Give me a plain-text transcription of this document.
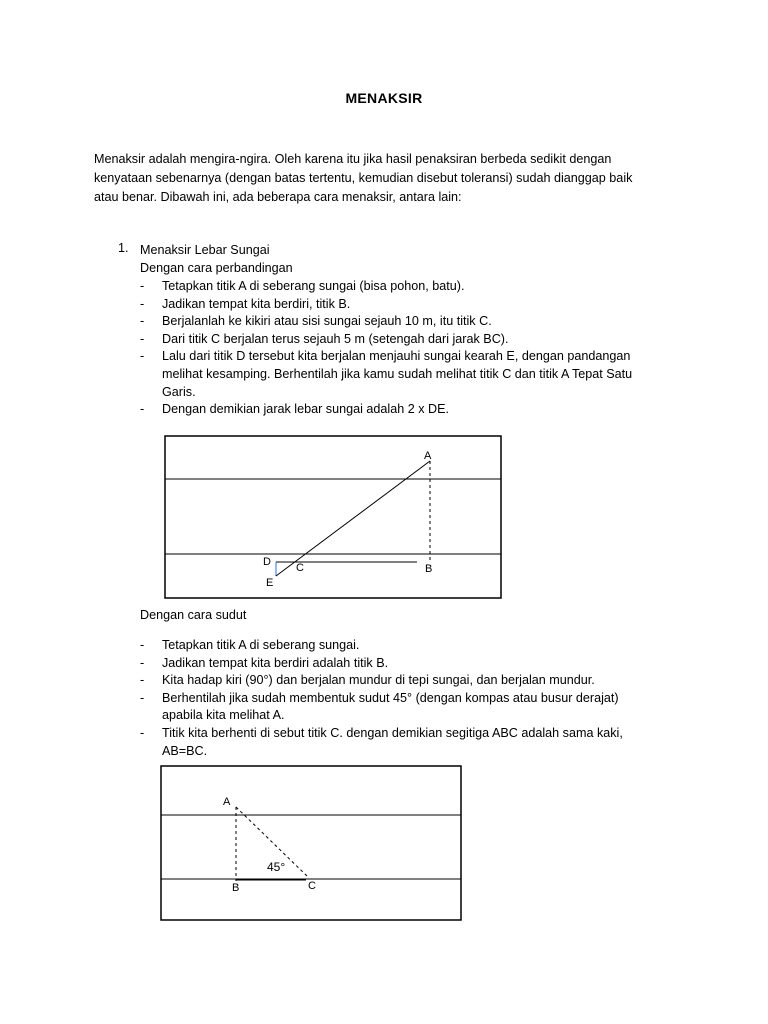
MENAKSIR

Menaksir adalah mengira-ngira. Oleh karena itu jika hasil penaksiran berbeda sedikit dengan

kenyataan sebenarnya (dengan batas tertentu, kemudian disebut toleransi) sudah dianggap baik

atau benar. Dibawah ini, ada beberapa cara menaksir, antara lain:

1. Menaksir Lebar Sungai
Dengan cara perbandingan
- Tetapkan titik A di seberang sungai (bisa pohon, batu).
- Jadikan tempat kita berdiri, titik B.
- Berjalanlah ke kikiri atau sisi sungai sejauh 10 m, itu titik C.
- Dari titik C berjalan terus sejauh 5 m (setengah dari jarak BC).
- Lalu dari titik D tersebut kita berjalan menjauhi sungai kearah E, dengan pandangan melihat kesamping. Berhentilah jika kamu sudah melihat titik C dan titik A Tepat Satu Garis.
- Dengan demikian jarak lebar sungai adalah 2 x DE.
A
B
C
D
E
Dengan cara sudut
- Tetapkan titik A di seberang sungai.
- Jadikan tempat kita berdiri adalah titik B.
- Kita hadap kiri (90°) dan berjalan mundur di tepi sungai, dan berjalan mundur.
- Berhentilah jika sudah membentuk sudut 45° (dengan kompas atau busur derajat) apabila kita melihat A.
- Titik kita berhenti di sebut titik C. dengan demikian segitiga ABC adalah sama kaki, AB=BC.
A
B	C
45°
